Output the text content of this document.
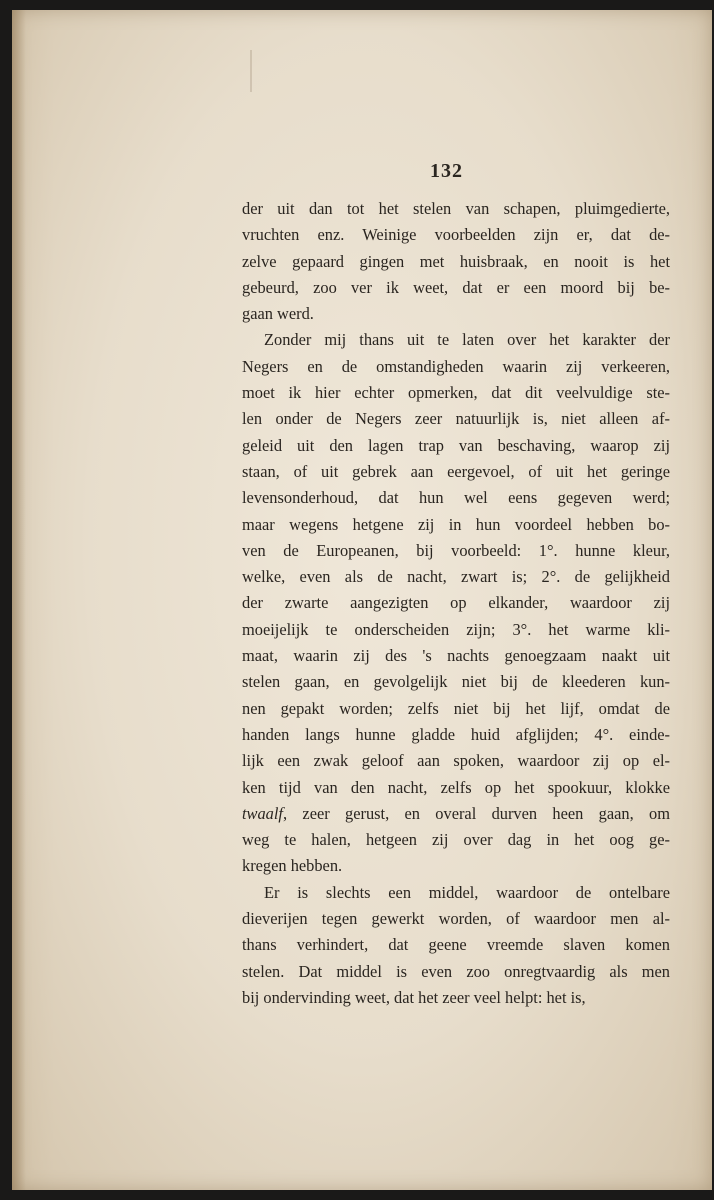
132
der uit dan tot het stelen van schapen, pluimgedierte,
vruchten enz. Weinige voorbeelden zijn er, dat de-
zelve gepaard gingen met huisbraak, en nooit is het
gebeurd, zoo ver ik weet, dat er een moord bij be-
gaan werd.
Zonder mij thans uit te laten over het karakter der
Negers en de omstandigheden waarin zij verkeeren,
moet ik hier echter opmerken, dat dit veelvuldige ste-
len onder de Negers zeer natuurlijk is, niet alleen af-
geleid uit den lagen trap van beschaving, waarop zij
staan, of uit gebrek aan eergevoel, of uit het geringe
levensonderhoud, dat hun wel eens gegeven werd;
maar wegens hetgene zij in hun voordeel hebben bo-
ven de Europeanen, bij voorbeeld: 1°. hunne kleur,
welke, even als de nacht, zwart is; 2°. de gelijkheid
der zwarte aangezigten op elkander, waardoor zij
moeijelijk te onderscheiden zijn; 3°. het warme kli-
maat, waarin zij des 's nachts genoegzaam naakt uit
stelen gaan, en gevolgelijk niet bij de kleederen kun-
nen gepakt worden; zelfs niet bij het lijf, omdat de
handen langs hunne gladde huid afglijden; 4°. einde-
lijk een zwak geloof aan spoken, waardoor zij op el-
ken tijd van den nacht, zelfs op het spookuur, klokke
twaalf, zeer gerust, en overal durven heen gaan, om
weg te halen, hetgeen zij over dag in het oog ge-
kregen hebben.
Er is slechts een middel, waardoor de ontelbare
dieverijen tegen gewerkt worden, of waardoor men al-
thans verhindert, dat geene vreemde slaven komen
stelen. Dat middel is even zoo onregtvaardig als men
bij ondervinding weet, dat het zeer veel helpt: het is,
